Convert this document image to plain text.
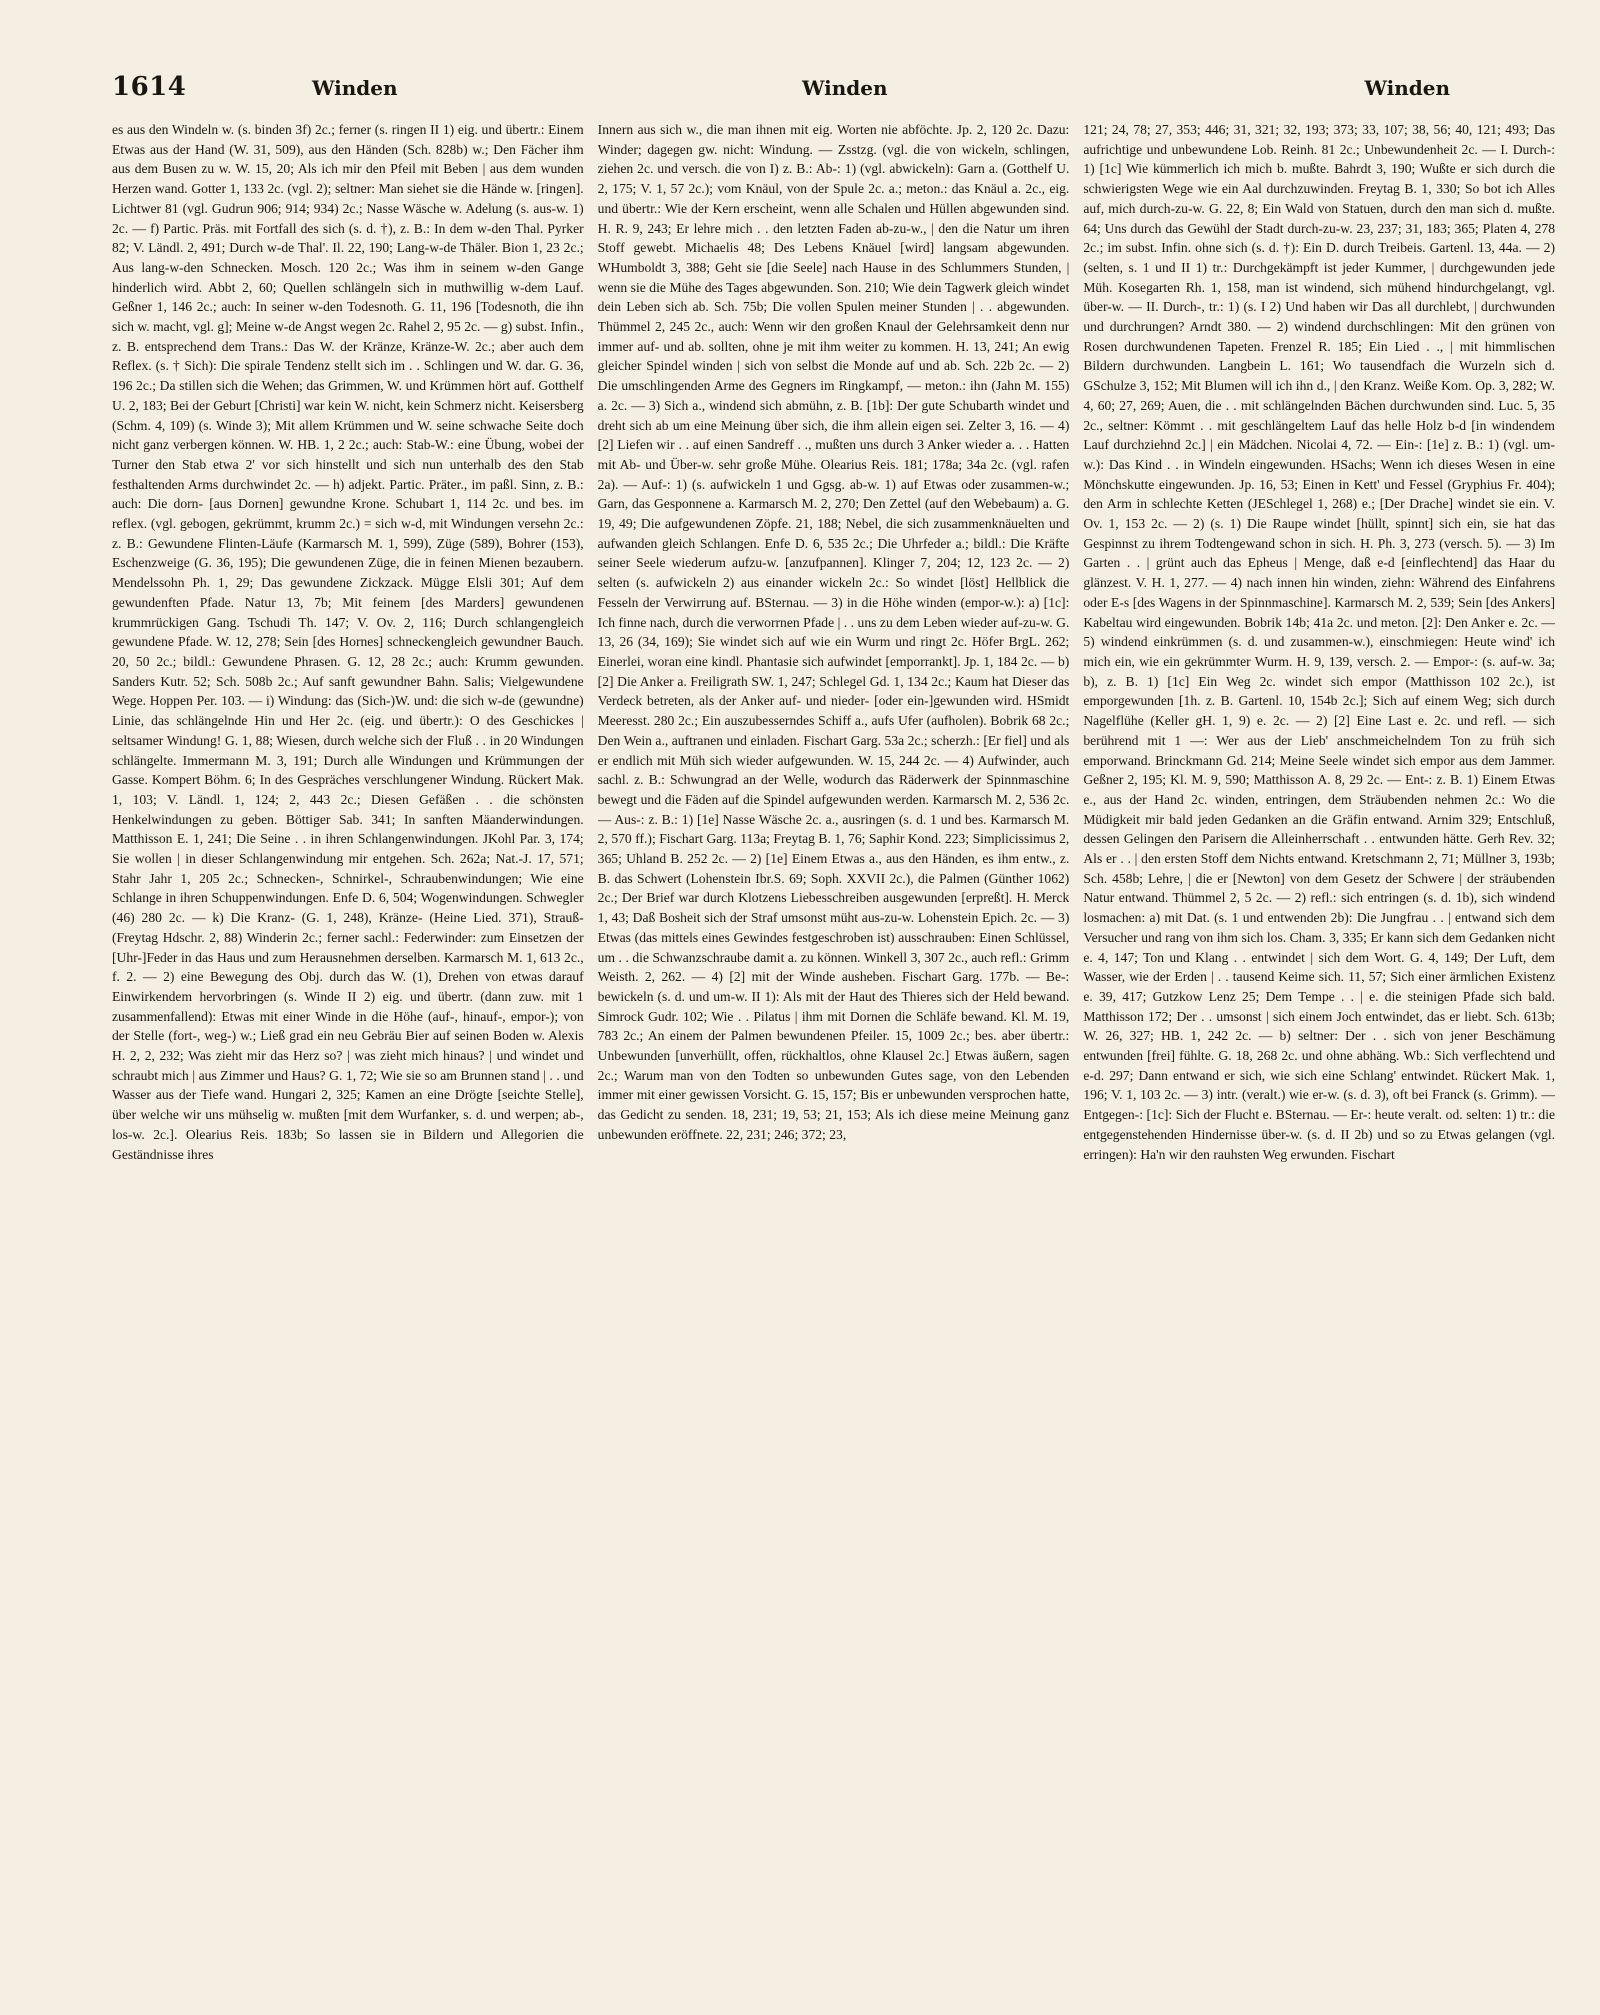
1614	Winden	Winden	Winden

es aus den Windeln w. (s. binden 3f) 2c.; ferner (s. ringen II 1) eig. und übertr.: Einem Etwas aus der Hand (W. 31, 509), aus den Händen (Sch. 828b) w.; Den Fächer ihm aus dem Busen zu w. W. 15, 20; Als ich mir den Pfeil mit Beben | aus dem wunden Herzen wand. Gotter 1, 133 2c. (vgl. 2); seltner: Man siehet sie die Hände w. [ringen]. Lichtwer 81 (vgl. Gudrun 906; 914; 934) 2c.; Nasse Wäsche w. Adelung (s. aus-w. 1) 2c. — f) Partic. Präs. mit Fortfall des sich (s. d. †), z. B.: In dem w-den Thal. Pyrker 82; V. Ländl. 2, 491; Durch w-de Thal'. Il. 22, 190; Lang-w-de Thäler. Bion 1, 23 2c.; Aus lang-w-den Schnecken. Mosch. 120 2c.; Was ihm in seinem w-den Gange hinderlich wird. Abbt 2, 60; Quellen schlängeln sich in muthwillig w-dem Lauf. Geßner 1, 146 2c.; auch: In seiner w-den Todesnoth. G. 11, 196 [Todesnoth, die ihn sich w. macht, vgl. g]; Meine w-de Angst wegen 2c. Rahel 2, 95 2c. — g) subst. Infin., z. B. entsprechend dem Trans.: Das W. der Kränze, Kränze-W. 2c.; aber auch dem Reflex. (s. † Sich): Die spirale Tendenz stellt sich im . . Schlingen und W. dar. G. 36, 196 2c.; Da stillen sich die Wehen; das Grimmen, W. und Krümmen hört auf. Gotthelf U. 2, 183; Bei der Geburt [Christi] war kein W. nicht, kein Schmerz nicht. Keisersberg (Schm. 4, 109) (s. Winde 3); Mit allem Krümmen und W. seine schwache Seite doch nicht ganz verbergen können. W. HB. 1, 2 2c.; auch: Stab-W.: eine Übung, wobei der Turner den Stab etwa 2' vor sich hinstellt und sich nun unterhalb des den Stab festhaltenden Arms durchwindet 2c. — h) adjekt. Partic. Präter., im paßl. Sinn, z. B.: auch: Die dorn- [aus Dornen] gewundne Krone. Schubart 1, 114 2c. und bes. im reflex. (vgl. gebogen, gekrümmt, krumm 2c.) = sich w-d, mit Windungen versehn 2c.: z. B.: Gewundene Flinten-Läufe (Karmarsch M. 1, 599), Züge (589), Bohrer (153), Eschenzweige (G. 36, 195); Die gewundenen Züge, die in feinen Mienen bezaubern. Mendelssohn Ph. 1, 29; Das gewundene Zickzack. Mügge Elsli 301; Auf dem gewundenften Pfade. Natur 13, 7b; Mit feinem [des Marders] gewundenen krummrückigen Gang. Tschudi Th. 147; V. Ov. 2, 116; Durch schlangengleich gewundene Pfade. W. 12, 278; Sein [des Hornes] schneckengleich gewundner Bauch. 20, 50 2c.; bildl.: Gewundene Phrasen. G. 12, 28 2c.; auch: Krumm gewunden. Sanders Kutr. 52; Sch. 508b 2c.; Auf sanft gewundner Bahn. Salis; Vielgewundene Wege. Hoppen Per. 103. — i) Windung: das (Sich-)W. und: die sich w-de (gewundne) Linie, das schlängelnde Hin und Her 2c. (eig. und übertr.): O des Geschickes | seltsamer Windung! G. 1, 88; Wiesen, durch welche sich der Fluß . . in 20 Windungen schlängelte. Immermann M. 3, 191; Durch alle Windungen und Krümmungen der Gasse. Kompert Böhm. 6; In des Gespräches verschlungener Windung. Rückert Mak. 1, 103; V. Ländl. 1, 124; 2, 443 2c.; Diesen Gefäßen . . die schönsten Henkelwindungen zu geben. Böttiger Sab. 341; In sanften Mäanderwindungen. Matthisson E. 1, 241; Die Seine . . in ihren Schlangenwindungen. JKohl Par. 3, 174; Sie wollen | in dieser Schlangenwindung mir entgehen. Sch. 262a; Nat.-J. 17, 571; Stahr Jahr 1, 205 2c.; Schnecken-, Schnirkel-, Schraubenwindungen; Wie eine Schlange in ihren Schuppenwindungen. Enfe D. 6, 504; Wogenwindungen. Schwegler (46) 280 2c. — k) Die Kranz- (G. 1, 248), Kränze- (Heine Lied. 371), Strauß- (Freytag Hdschr. 2, 88) Winderin 2c.; ferner sachl.: Federwinder: zum Einsetzen der [Uhr-]Feder in das Haus und zum Herausnehmen derselben. Karmarsch M. 1, 613 2c., f. 2. — 2) eine Bewegung des Obj. durch das W. (1), Drehen von etwas darauf Einwirkendem hervorbringen (s. Winde II 2) eig. und übertr. (dann zuw. mit 1 zusammenfallend): Etwas mit einer Winde in die Höhe (auf-, hinauf-, empor-); von der Stelle (fort-, weg-) w.; Ließ grad ein neu Gebräu Bier auf seinen Boden w. Alexis H. 2, 2, 232; Was zieht mir das Herz so? | was zieht mich hinaus? | und windet und schraubt mich | aus Zimmer und Haus? G. 1, 72; Wie sie so am Brunnen stand | . . und Wasser aus der Tiefe wand. Hungari 2, 325; Kamen an eine Drögte [seichte Stelle], über welche wir uns mühselig w. mußten [mit dem Wurfanker, s. d. und werpen; ab-, los-w. 2c.]. Olearius Reis. 183b; So lassen sie in Bildern und Allegorien die Geständnisse ihres

Innern aus sich w., die man ihnen mit eig. Worten nie abföchte. Jp. 2, 120 2c. Dazu: Winder; dagegen gw. nicht: Windung. — Zsstzg. (vgl. die von wickeln, schlingen, ziehen 2c. und versch. die von I) z. B.: Ab-: 1) (vgl. abwickeln): Garn a. (Gotthelf U. 2, 175; V. 1, 57 2c.); vom Knäul, von der Spule 2c. a.; meton.: das Knäul a. 2c., eig. und übertr.: Wie der Kern erscheint, wenn alle Schalen und Hüllen abgewunden sind. H. R. 9, 243; Er lehre mich . . den letzten Faden ab-zu-w., | den die Natur um ihren Stoff gewebt. Michaelis 48; Des Lebens Knäuel [wird] langsam abgewunden. WHumboldt 3, 388; Geht sie [die Seele] nach Hause in des Schlummers Stunden, | wenn sie die Mühe des Tages abgewunden. Son. 210; Wie dein Tagwerk gleich windet dein Leben sich ab. Sch. 75b; Die vollen Spulen meiner Stunden | . . abgewunden. Thümmel 2, 245 2c., auch: Wenn wir den großen Knaul der Gelehrsamkeit denn nur immer auf- und ab. sollten, ohne je mit ihm weiter zu kommen. H. 13, 241; An ewig gleicher Spindel winden | sich von selbst die Monde auf und ab. Sch. 22b 2c. — 2) Die umschlingenden Arme des Gegners im Ringkampf, — meton.: ihn (Jahn M. 155) a. 2c. — 3) Sich a., windend sich abmühn, z. B. [1b]: Der gute Schubarth windet und dreht sich ab um eine Meinung über sich, die ihm allein eigen sei. Zelter 3, 16. — 4) [2] Liefen wir . . auf einen Sandreff . ., mußten uns durch 3 Anker wieder a. . . Hatten mit Ab- und Über-w. sehr große Mühe. Olearius Reis. 181; 178a; 34a 2c. (vgl. rafen 2a). — Auf-: 1) (s. aufwickeln 1 und Ggsg. ab-w. 1) auf Etwas oder zusammen-w.; Garn, das Gesponnene a. Karmarsch M. 2, 270; Den Zettel (auf den Webebaum) a. G. 19, 49; Die aufgewundenen Zöpfe. 21, 188; Nebel, die sich zusammenknäuelten und aufwanden gleich Schlangen. Enfe D. 6, 535 2c.; Die Uhrfeder a.; bildl.: Die Kräfte seiner Seele wiederum aufzu-w. [anzufpannen]. Klinger 7, 204; 12, 123 2c. — 2) selten (s. aufwickeln 2) aus einander wickeln 2c.: So windet [löst] Hellblick die Fesseln der Verwirrung auf. BSternau. — 3) in die Höhe winden (empor-w.): a) [1c]: Ich finne nach, durch die verworrnen Pfade | . . uns zu dem Leben wieder auf-zu-w. G. 13, 26 (34, 169); Sie windet sich auf wie ein Wurm und ringt 2c. Höfer BrgL. 262; Einerlei, woran eine kindl. Phantasie sich aufwindet [emporrankt]. Jp. 1, 184 2c. — b) [2] Die Anker a. Freiligrath SW. 1, 247; Schlegel Gd. 1, 134 2c.; Kaum hat Dieser das Verdeck betreten, als der Anker auf- und nieder- [oder ein-]gewunden wird. HSmidt Meeresst. 280 2c.; Ein auszubesserndes Schiff a., aufs Ufer (aufholen). Bobrik 68 2c.; Den Wein a., auftranen und einladen. Fischart Garg. 53a 2c.; scherzh.: [Er fiel] und als er endlich mit Müh sich wieder aufgewunden. W. 15, 244 2c. — 4) Aufwinder, auch sachl. z. B.: Schwungrad an der Welle, wodurch das Räderwerk der Spinnmaschine bewegt und die Fäden auf die Spindel aufgewunden werden. Karmarsch M. 2, 536 2c. — Aus-: z. B.: 1) [1e] Nasse Wäsche 2c. a., ausringen (s. d. 1 und bes. Karmarsch M. 2, 570 ff.); Fischart Garg. 113a; Freytag B. 1, 76; Saphir Kond. 223; Simplicissimus 2, 365; Uhland B. 252 2c. — 2) [1e] Einem Etwas a., aus den Händen, es ihm entw., z. B. das Schwert (Lohenstein Ibr.S. 69; Soph. XXVII 2c.), die Palmen (Günther 1062) 2c.; Der Brief war durch Klotzens Liebesschreiben ausgewunden [erpreßt]. H. Merck 1, 43; Daß Bosheit sich der Straf umsonst müht aus-zu-w. Lohenstein Epich. 2c. — 3) Etwas (das mittels eines Gewindes festgeschroben ist) ausschrauben: Einen Schlüssel, um . . die Schwanzschraube damit a. zu können. Winkell 3, 307 2c., auch refl.: Grimm Weisth. 2, 262. — 4) [2] mit der Winde ausheben. Fischart Garg. 177b. — Be-: bewickeln (s. d. und um-w. II 1): Als mit der Haut des Thieres sich der Held bewand. Simrock Gudr. 102; Wie . . Pilatus | ihm mit Dornen die Schläfe bewand. Kl. M. 19, 783 2c.; An einem der Palmen bewundenen Pfeiler. 15, 1009 2c.; bes. aber übertr.: Unbewunden [unverhüllt, offen, rückhaltlos, ohne Klausel 2c.] Etwas äußern, sagen 2c.; Warum man von den Todten so unbewunden Gutes sage, von den Lebenden immer mit einer gewissen Vorsicht. G. 15, 157; Bis er unbewunden versprochen hatte, das Gedicht zu senden. 18, 231; 19, 53; 21, 153; Als ich diese meine Meinung ganz unbewunden eröffnete. 22, 231; 246; 372; 23,

121; 24, 78; 27, 353; 446; 31, 321; 32, 193; 373; 33, 107; 38, 56; 40, 121; 493; Das aufrichtige und unbewundene Lob. Reinh. 81 2c.; Unbewundenheit 2c. — I. Durch-: 1) [1c] Wie kümmerlich ich mich b. mußte. Bahrdt 3, 190; Wußte er sich durch die schwierigsten Wege wie ein Aal durchzuwinden. Freytag B. 1, 330; So bot ich Alles auf, mich durch-zu-w. G. 22, 8; Ein Wald von Statuen, durch den man sich d. mußte. 64; Uns durch das Gewühl der Stadt durch-zu-w. 23, 237; 31, 183; 365; Platen 4, 278 2c.; im subst. Infin. ohne sich (s. d. †): Ein D. durch Treibeis. Gartenl. 13, 44a. — 2) (selten, s. 1 und II 1) tr.: Durchgekämpft ist jeder Kummer, | durchgewunden jede Müh. Kosegarten Rh. 1, 158, man ist windend, sich mühend hindurchgelangt, vgl. über-w. — II. Durch-, tr.: 1) (s. I 2) Und haben wir Das all durchlebt, | durchwunden und durchrungen? Arndt 380. — 2) windend durchschlingen: Mit den grünen von Rosen durchwundenen Tapeten. Frenzel R. 185; Ein Lied . ., | mit himmlischen Bildern durchwunden. Langbein L. 161; Wo tausendfach die Wurzeln sich d. GSchulze 3, 152; Mit Blumen will ich ihn d., | den Kranz. Weiße Kom. Op. 3, 282; W. 4, 60; 27, 269; Auen, die . . mit schlängelnden Bächen durchwunden sind. Luc. 5, 35 2c., seltner: Kömmt . . mit geschlängeltem Lauf das helle Holz b-d [in windendem Lauf durchziehnd 2c.] | ein Mädchen. Nicolai 4, 72. — Ein-: [1e] z. B.: 1) (vgl. um-w.): Das Kind . . in Windeln eingewunden. HSachs; Wenn ich dieses Wesen in eine Mönchskutte eingewunden. Jp. 16, 53; Einen in Kett' und Fessel (Gryphius Fr. 404); den Arm in schlechte Ketten (JESchlegel 1, 268) e.; [Der Drache] windet sie ein. V. Ov. 1, 153 2c. — 2) (s. 1) Die Raupe windet [hüllt, spinnt] sich ein, sie hat das Gespinnst zu ihrem Todtengewand schon in sich. H. Ph. 3, 273 (versch. 5). — 3) Im Garten . . | grünt auch das Epheus | Menge, daß e-d [einflechtend] das Haar du glänzest. V. H. 1, 277. — 4) nach innen hin winden, ziehn: Während des Einfahrens oder E-s [des Wagens in der Spinnmaschine]. Karmarsch M. 2, 539; Sein [des Ankers] Kabeltau wird eingewunden. Bobrik 14b; 41a 2c. und meton. [2]: Den Anker e. 2c. — 5) windend einkrümmen (s. d. und zusammen-w.), einschmiegen: Heute wind' ich mich ein, wie ein gekrümmter Wurm. H. 9, 139, versch. 2. — Empor-: (s. auf-w. 3a; b), z. B. 1) [1c] Ein Weg 2c. windet sich empor (Matthisson 102 2c.), ist emporgewunden [1h. z. B. Gartenl. 10, 154b 2c.]; Sich auf einem Weg; sich durch Nagelflühe (Keller gH. 1, 9) e. 2c. — 2) [2] Eine Last e. 2c. und refl. — sich berührend mit 1 —: Wer aus der Lieb' anschmeichelndem Ton zu früh sich emporwand. Brinckmann Gd. 214; Meine Seele windet sich empor aus dem Jammer. Geßner 2, 195; Kl. M. 9, 590; Matthisson A. 8, 29 2c. — Ent-: z. B. 1) Einem Etwas e., aus der Hand 2c. winden, entringen, dem Sträubenden nehmen 2c.: Wo die Müdigkeit mir bald jeden Gedanken an die Gräfin entwand. Arnim 329; Entschluß, dessen Gelingen den Parisern die Alleinherrschaft . . entwunden hätte. Gerh Rev. 32; Als er . . | den ersten Stoff dem Nichts entwand. Kretschmann 2, 71; Müllner 3, 193b; Sch. 458b; Lehre, | die er [Newton] von dem Gesetz der Schwere | der sträubenden Natur entwand. Thümmel 2, 5 2c. — 2) refl.: sich entringen (s. d. 1b), sich windend losmachen: a) mit Dat. (s. 1 und entwenden 2b): Die Jungfrau . . | entwand sich dem Versucher und rang von ihm sich los. Cham. 3, 335; Er kann sich dem Gedanken nicht e. 4, 147; Ton und Klang . . entwindet | sich dem Wort. G. 4, 149; Der Luft, dem Wasser, wie der Erden | . . tausend Keime sich. 11, 57; Sich einer ärmlichen Existenz e. 39, 417; Gutzkow Lenz 25; Dem Tempe . . | e. die steinigen Pfade sich bald. Matthisson 172; Der . . umsonst | sich einem Joch entwindet, das er liebt. Sch. 613b; W. 26, 327; HB. 1, 242 2c. — b) seltner: Der . . sich von jener Beschämung entwunden [frei] fühlte. G. 18, 268 2c. und ohne abhäng. Wb.: Sich verflechtend und e-d. 297; Dann entwand er sich, wie sich eine Schlang' entwindet. Rückert Mak. 1, 196; V. 1, 103 2c. — 3) intr. (veralt.) wie er-w. (s. d. 3), oft bei Franck (s. Grimm). — Entgegen-: [1c]: Sich der Flucht e. BSternau. — Er-: heute veralt. od. selten: 1) tr.: die entgegenstehenden Hindernisse über-w. (s. d. II 2b) und so zu Etwas gelangen (vgl. erringen): Ha'n wir den rauhsten Weg erwunden. Fischart
